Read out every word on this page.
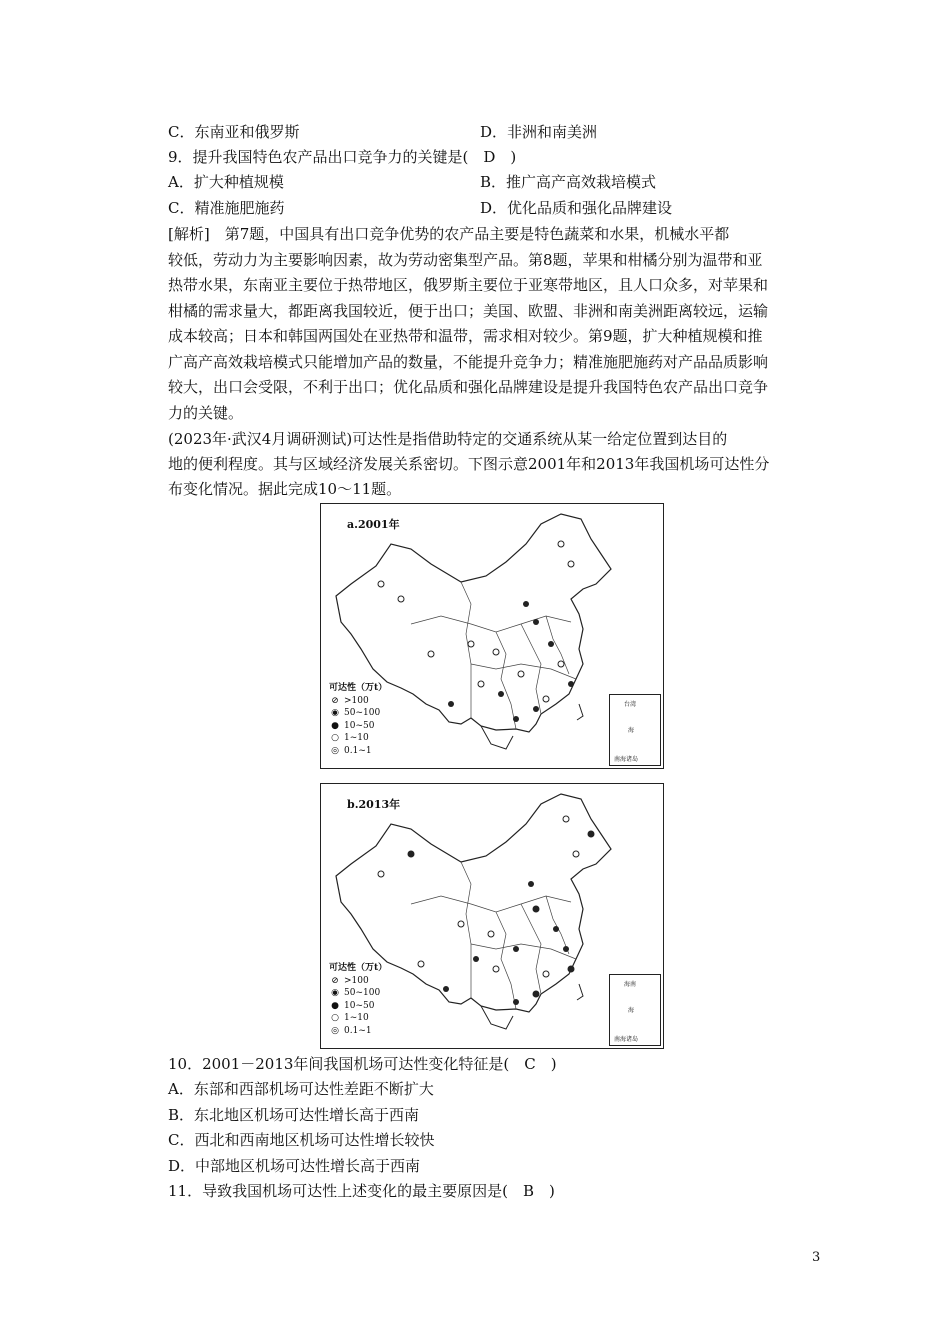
C．东南亚和俄罗斯	D．非洲和南美洲
9．提升我国特色农产品出口竞争力的关键是(　D　)
A．扩大种植规模	B．推广高产高效栽培模式
C．精准施肥施药	D．优化品质和强化品牌建设
[解析]　第7题，中国具有出口竞争优势的农产品主要是特色蔬菜和水果，机械水平都
较低，劳动力为主要影响因素，故为劳动密集型产品。第8题，苹果和柑橘分别为温带和亚
热带水果，东南亚主要位于热带地区，俄罗斯主要位于亚寒带地区，且人口众多，对苹果和
柑橘的需求量大，都距离我国较近，便于出口；美国、欧盟、非洲和南美洲距离较远，运输
成本较高；日本和韩国两国处在亚热带和温带，需求相对较少。第9题，扩大种植规模和推
广高产高效栽培模式只能增加产品的数量，不能提升竞争力；精准施肥施药对产品品质影响
较大，出口会受限，不利于出口；优化品质和强化品牌建设是提升我国特色农产品出口竞争
力的关键。
(2023年·武汉4月调研测试)可达性是指借助特定的交通系统从某一给定位置到达目的
地的便利程度。其与区域经济发展关系密切。下图示意2001年和2013年我国机场可达性分
布变化情况。据此完成10～11题。
a.2001年
可达性（万t）
⊘ >100
◉ 50~100
● 10~50
○ 1~10
◎ 0.1~1
台湾
海
南海诸岛
b.2013年
可达性（万t）
⊘ >100
◉ 50~100
● 10~50
○ 1~10
◎ 0.1~1
海南
海
南海诸岛
10．2001－2013年间我国机场可达性变化特征是(　C　)
A．东部和西部机场可达性差距不断扩大
B．东北地区机场可达性增长高于西南
C．西北和西南地区机场可达性增长较快
D．中部地区机场可达性增长高于西南
11．导致我国机场可达性上述变化的最主要原因是(　B　)
3
